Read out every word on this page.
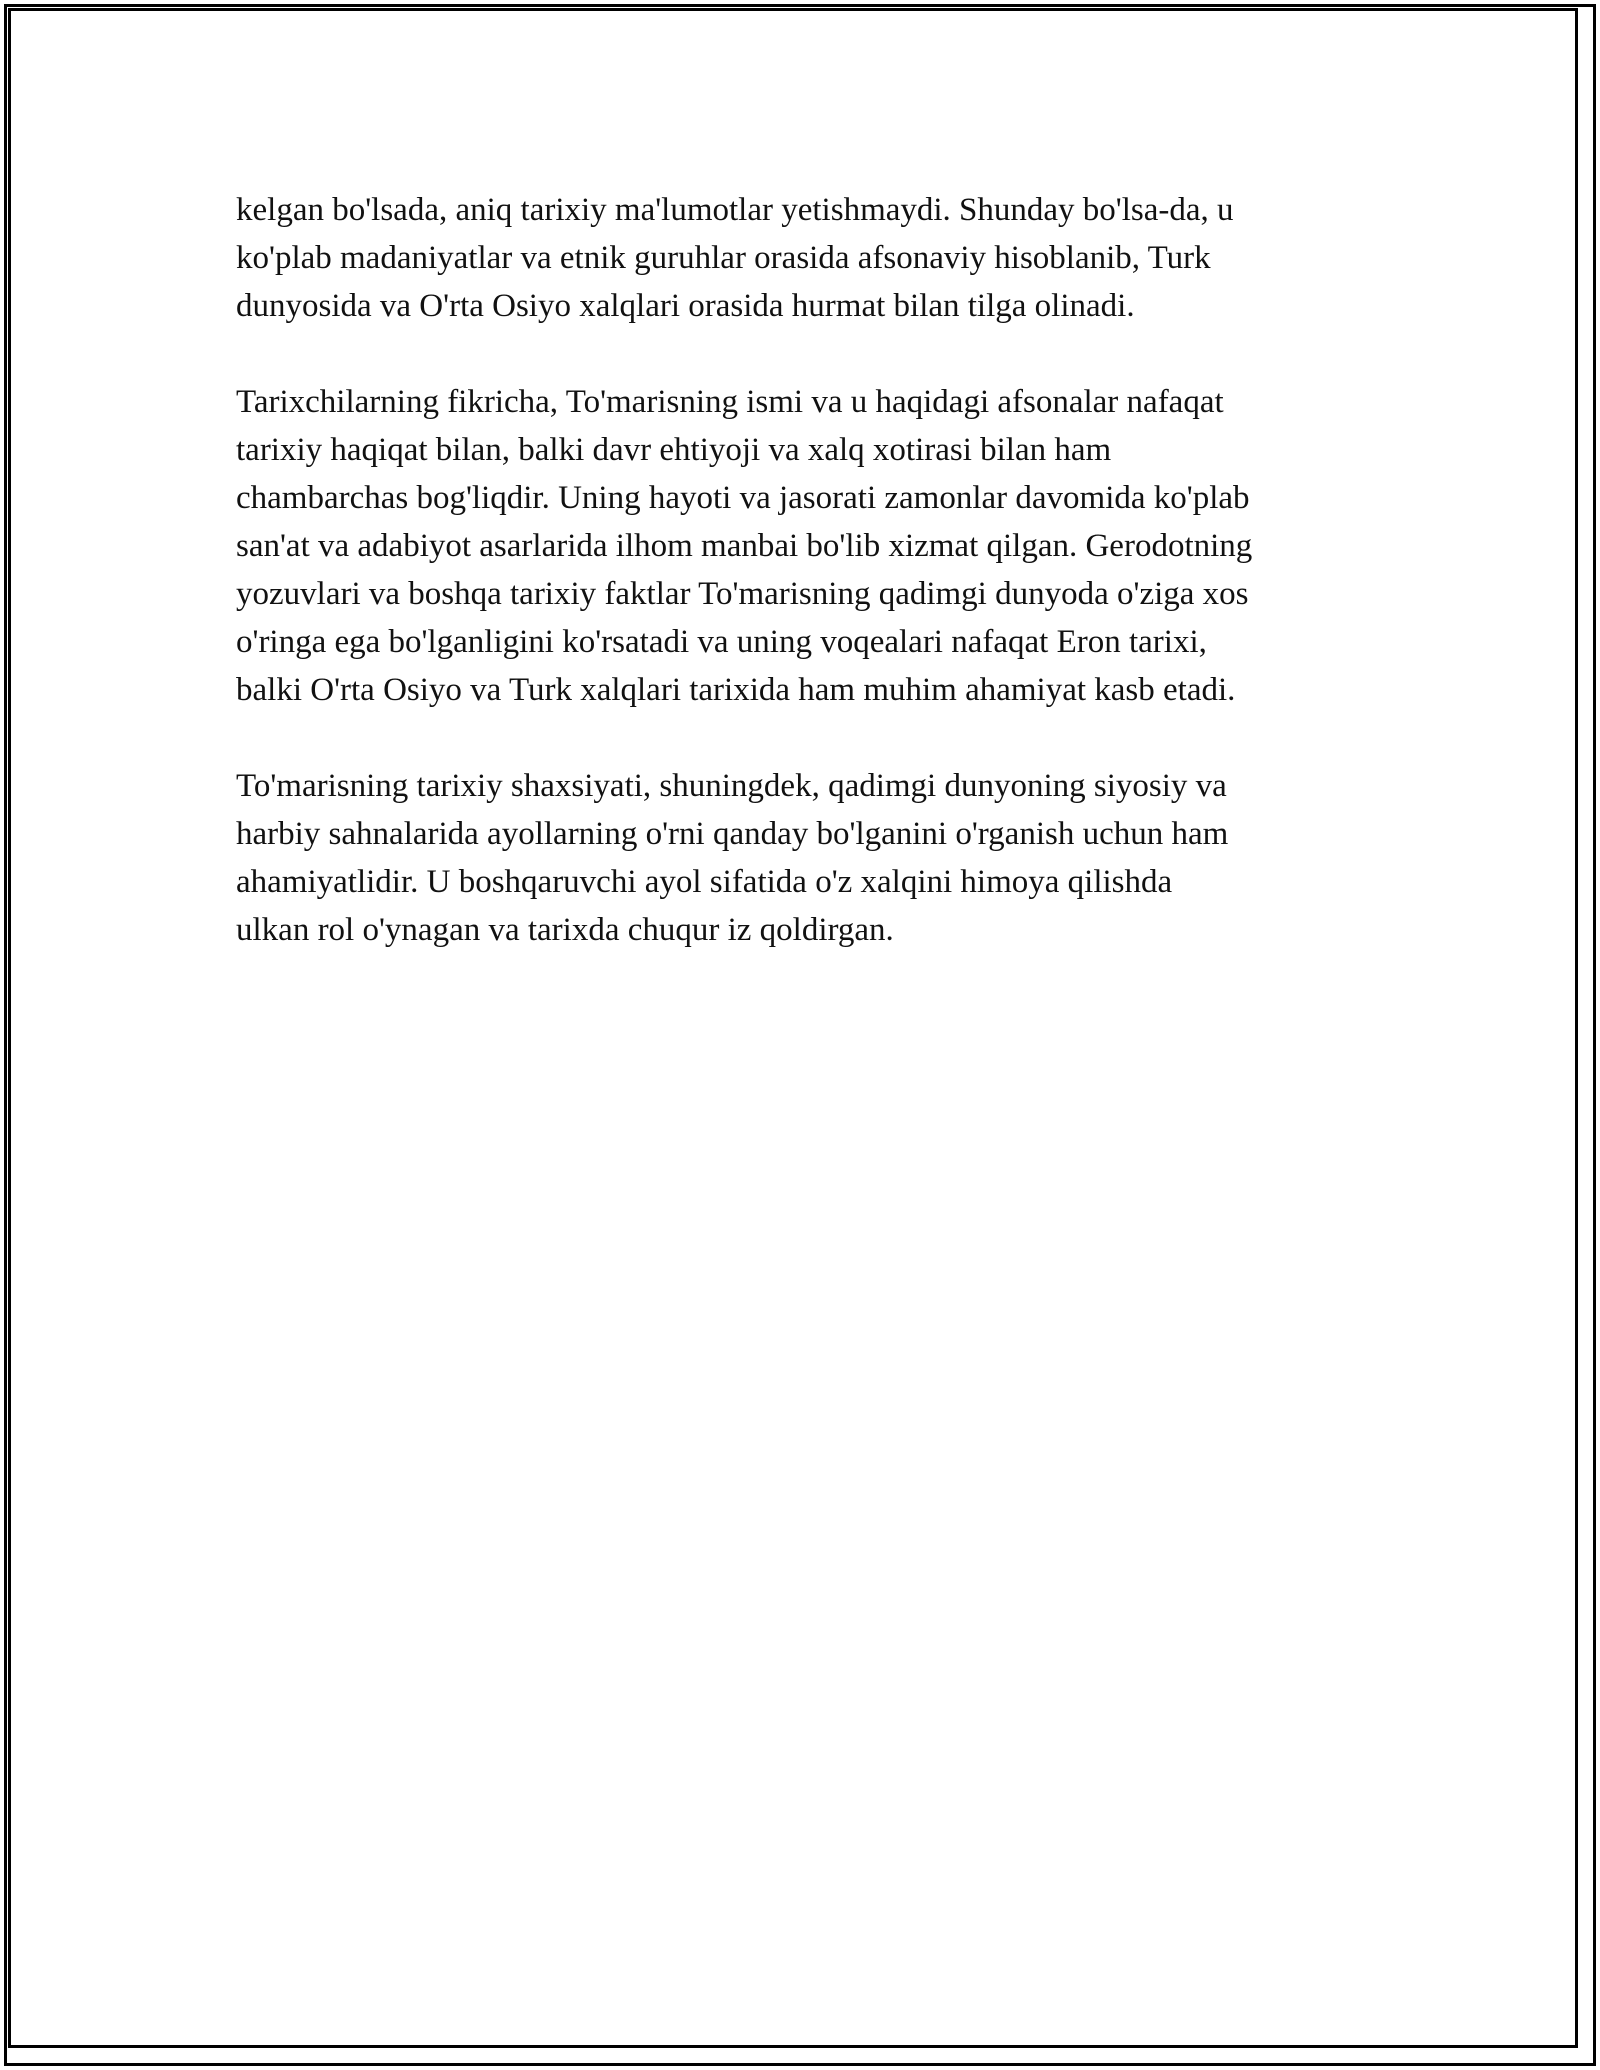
kelgan bo'lsada, aniq tarixiy ma'lumotlar yetishmaydi. Shunday bo'lsa-da, u
ko'plab madaniyatlar va etnik guruhlar orasida afsonaviy hisoblanib, Turk
dunyosida va O'rta Osiyo xalqlari orasida hurmat bilan tilga olinadi.

Tarixchilarning fikricha, To'marisning ismi va u haqidagi afsonalar nafaqat
tarixiy haqiqat bilan, balki davr ehtiyoji va xalq xotirasi bilan ham
chambarchas bog'liqdir. Uning hayoti va jasorati zamonlar davomida ko'plab
san'at va adabiyot asarlarida ilhom manbai bo'lib xizmat qilgan. Gerodotning
yozuvlari va boshqa tarixiy faktlar To'marisning qadimgi dunyoda o'ziga xos
o'ringa ega bo'lganligini ko'rsatadi va uning voqealari nafaqat Eron tarixi,
balki O'rta Osiyo va Turk xalqlari tarixida ham muhim ahamiyat kasb etadi.

To'marisning tarixiy shaxsiyati, shuningdek, qadimgi dunyoning siyosiy va
harbiy sahnalarida ayollarning o'rni qanday bo'lganini o'rganish uchun ham
ahamiyatlidir. U boshqaruvchi ayol sifatida o'z xalqini himoya qilishda
ulkan rol o'ynagan va tarixda chuqur iz qoldirgan.
